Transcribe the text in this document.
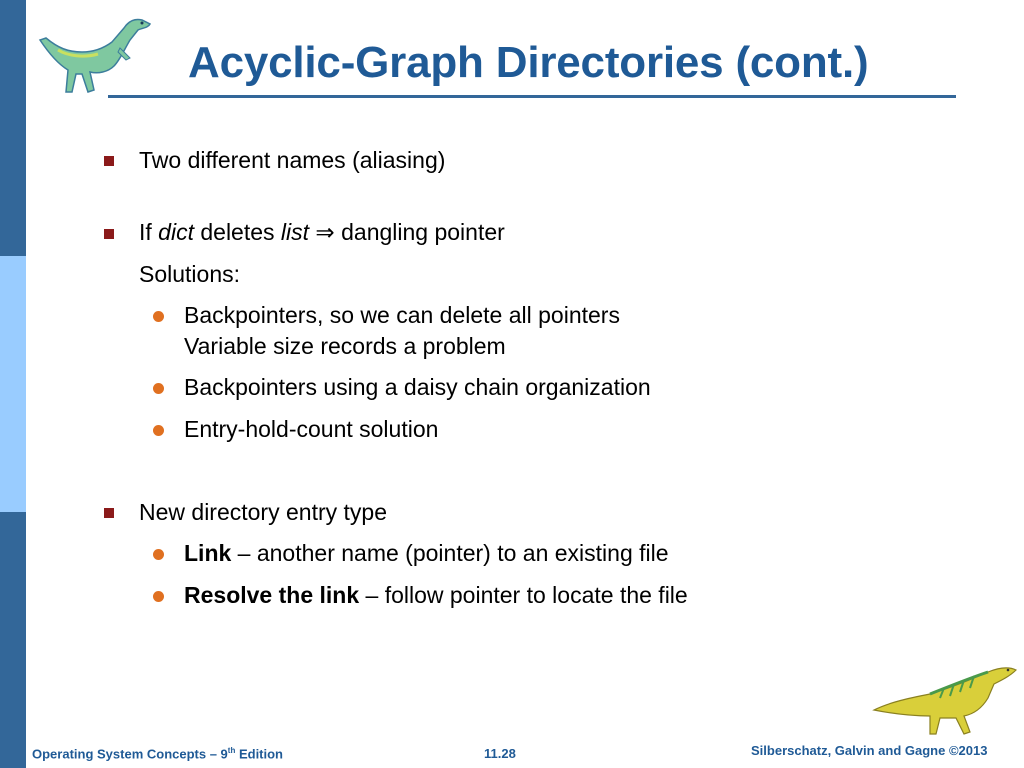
Acyclic-Graph Directories (cont.)
Two different names (aliasing)
If dict deletes list ⇒ dangling pointer
Solutions:
Backpointers, so we can delete all pointers
Variable size records a problem
Backpointers using a daisy chain organization
Entry-hold-count solution
New directory entry type
Link – another name (pointer) to an existing file
Resolve the link – follow pointer to locate the file
Operating System Concepts – 9th Edition	11.28	Silberschatz, Galvin and Gagne ©2013
